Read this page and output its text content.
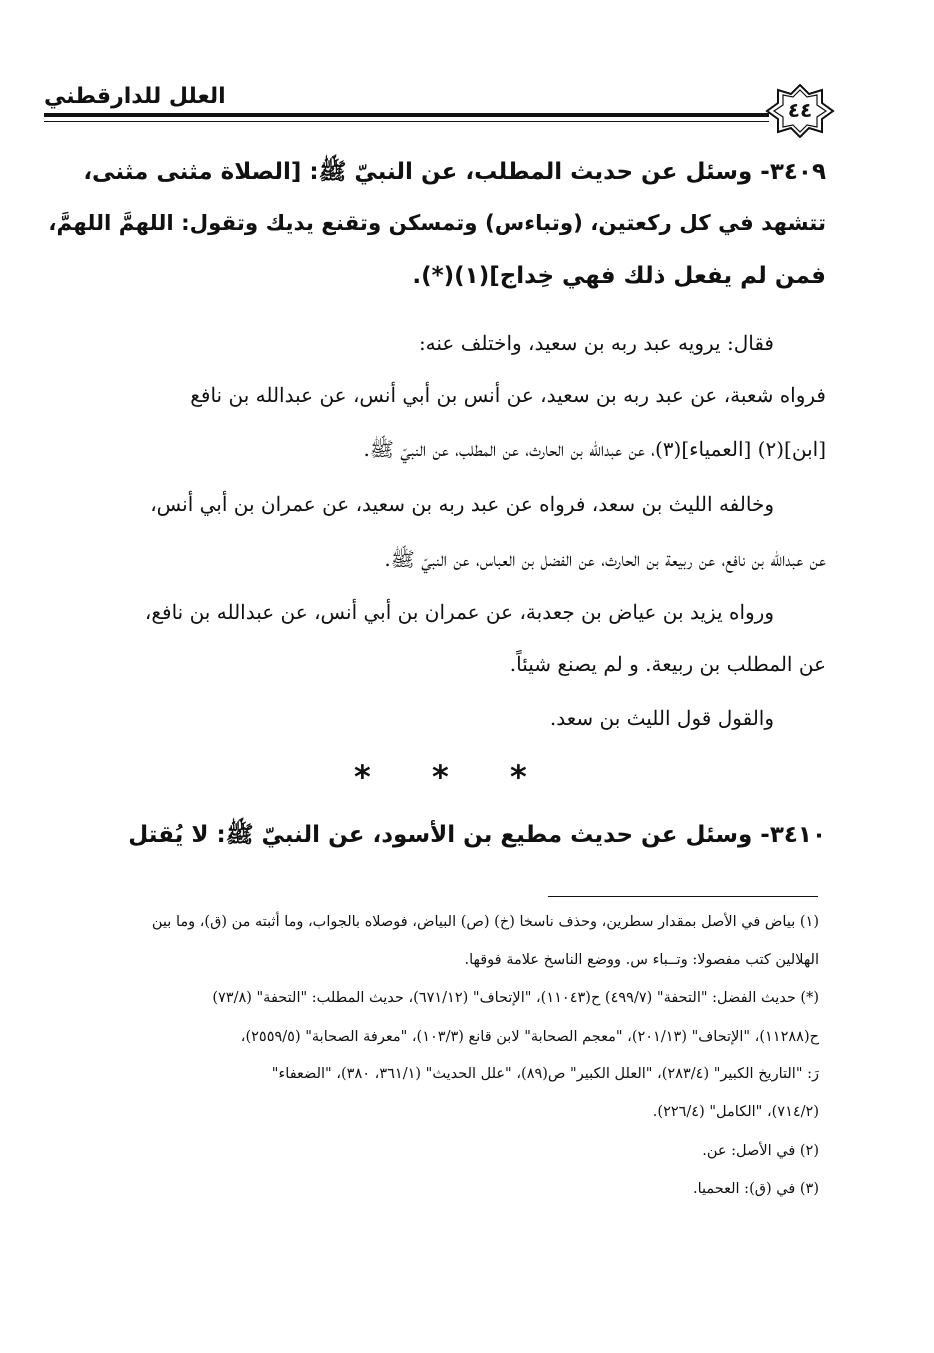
العلل للدارقطني
٤٤
٣٤٠٩- وسئل عن حديث المطلب، عن النبيّ ﷺ: [الصلاة مثنى مثنى،
تتشهد في كل ركعتين، (وتباءس) وتمسكن وتقنع يديك وتقول: اللهمَّ اللهمَّ،
فمن لم يفعل ذلك فهي خِداج](١)(*).
فقال: يرويه عبد ربه بن سعيد، واختلف عنه:
فرواه شعبة، عن عبد ربه بن سعيد، عن أنس بن أبي أنس، عن عبدالله بن نافع
[ابن](٢) [العمياء](٣)، عن عبدالله بن الحارث، عن المطلب، عن النبيّ ﷺ.
وخالفه الليث بن سعد، فرواه عن عبد ربه بن سعيد، عن عمران بن أبي أنس،
عن عبدالله بن نافع، عن ربيعة بن الحارث، عن الفضل بن العباس، عن النبيّ ﷺ.
ورواه يزيد بن عياض بن جعدبة، عن عمران بن أبي أنس، عن عبدالله بن نافع،
عن المطلب بن ربيعة. و لم يصنع شيئاً.
والقول قول الليث بن سعد.
* * *
٣٤١٠- وسئل عن حديث مطيع بن الأسود، عن النبيّ ﷺ: لا يُقتل
(١) بياض في الأصل بمقدار سطرين، وحذف ناسخا (خ) (ص) البياض، فوصلاه بالجواب، وما أثبته من (ق)، وما بين
الهلالين كتب مفصولا: وتــباء س. ووضع الناسخ علامة فوقها.
(*) حديث الفضل: "التحفة" (٤٩٩/٧) ح(١١٠٤٣)، "الإتحاف" (٦٧١/١٢)، حديث المطلب: "التحفة" (٧٣/٨)
ح(١١٢٨٨)، "الإتحاف" (٢٠١/١٣)، "معجم الصحابة" لابن قانع (١٠٣/٣)، "معرفة الصحابة" (٢٥٥٩/٥)،
رَ: "التاريخ الكبير" (٢٨٣/٤)، "العلل الكبير" ص(٨٩)، "علل الحديث" (٣٦١/١، ٣٨٠)، "الضعفاء"
(٧١٤/٢)، "الكامل" (٢٢٦/٤).
(٢) في الأصل: عن.
(٣) في (ق): العحميا.
